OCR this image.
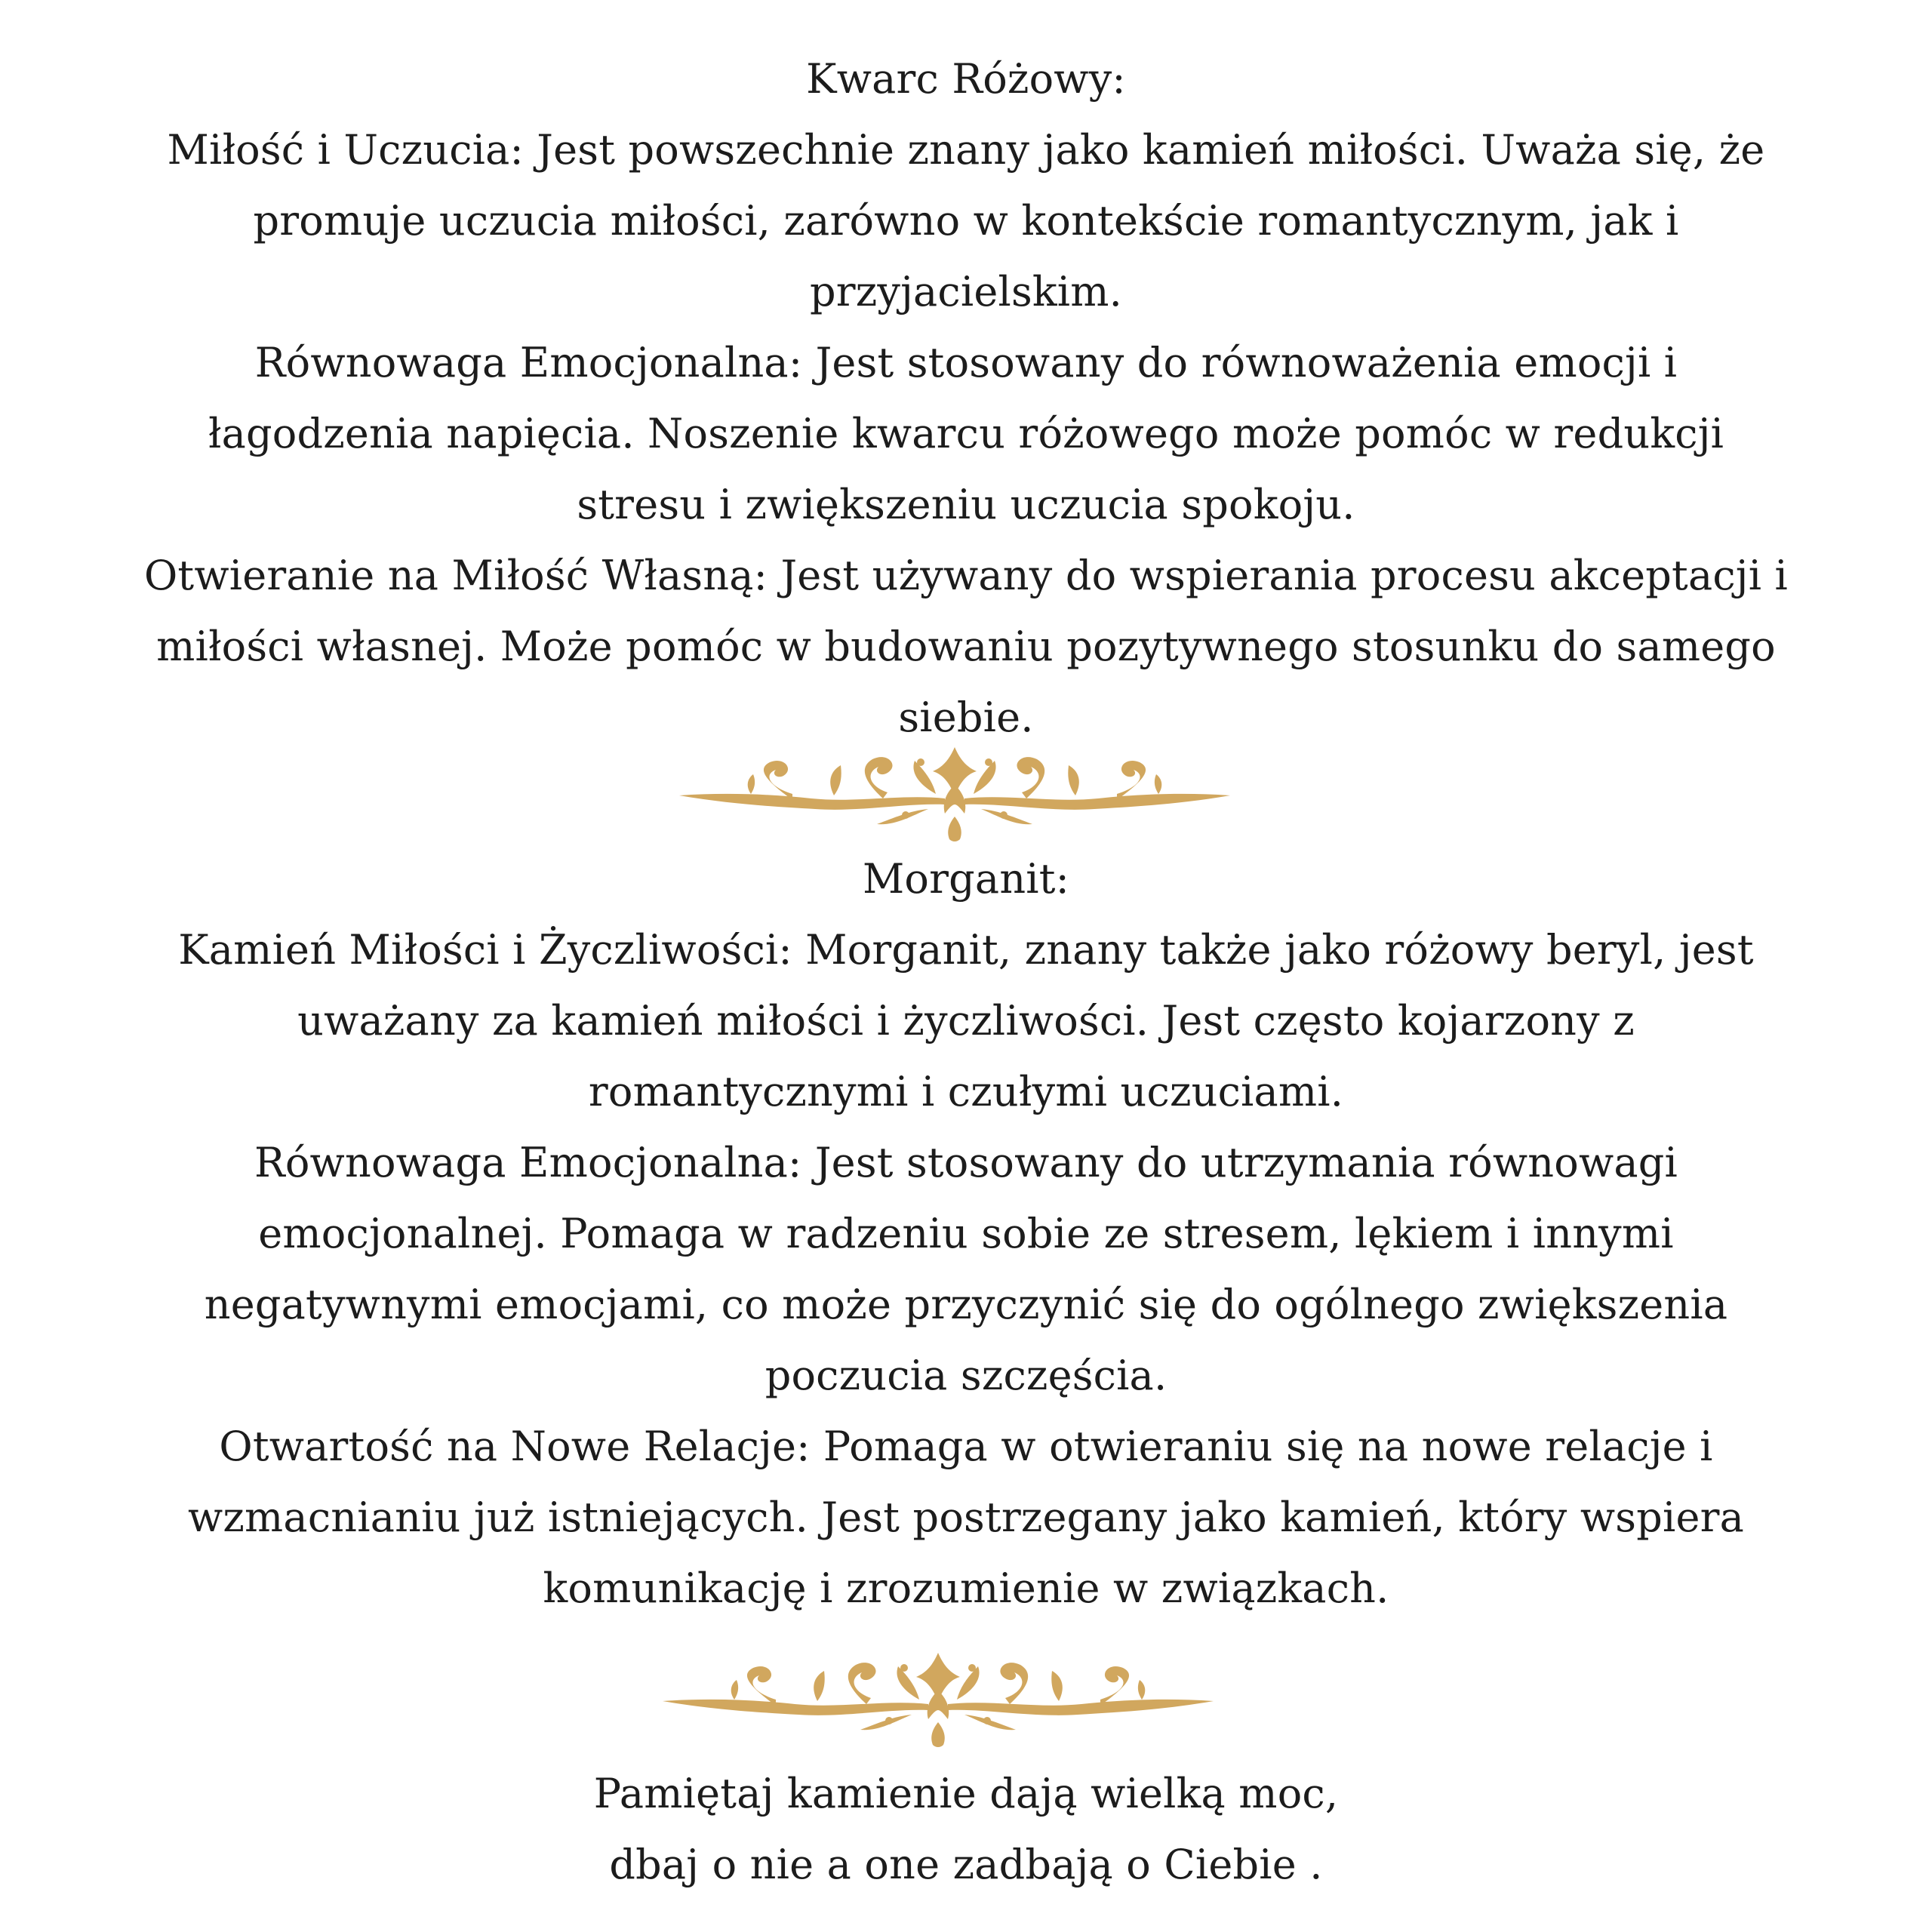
Kwarc Różowy:
Miłość i Uczucia: Jest powszechnie znany jako kamień miłości. Uważa się, że
promuje uczucia miłości, zarówno w kontekście romantycznym, jak i
przyjacielskim.
Równowaga Emocjonalna: Jest stosowany do równoważenia emocji i
łagodzenia napięcia. Noszenie kwarcu różowego może pomóc w redukcji
stresu i zwiększeniu uczucia spokoju.
Otwieranie na Miłość Własną: Jest używany do wspierania procesu akceptacji i
miłości własnej. Może pomóc w budowaniu pozytywnego stosunku do samego
siebie.
Morganit:
Kamień Miłości i Życzliwości: Morganit, znany także jako różowy beryl, jest
uważany za kamień miłości i życzliwości. Jest często kojarzony z
romantycznymi i czułymi uczuciami.
Równowaga Emocjonalna: Jest stosowany do utrzymania równowagi
emocjonalnej. Pomaga w radzeniu sobie ze stresem, lękiem i innymi
negatywnymi emocjami, co może przyczynić się do ogólnego zwiększenia
poczucia szczęścia.
Otwartość na Nowe Relacje: Pomaga w otwieraniu się na nowe relacje i
wzmacnianiu już istniejących. Jest postrzegany jako kamień, który wspiera
komunikację i zrozumienie w związkach.
Pamiętaj kamienie dają wielką moc,
dbaj o nie a one zadbają o Ciebie .
